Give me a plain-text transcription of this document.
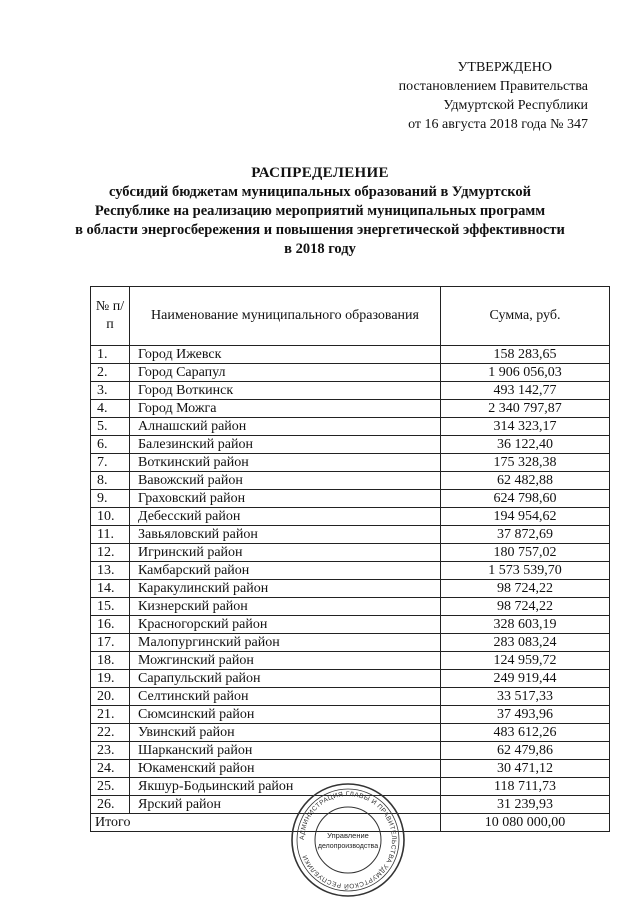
УТВЕРЖДЕНО
постановлением Правительства
Удмуртской Республики
от 16 августа 2018 года № 347
РАСПРЕДЕЛЕНИЕ
субсидий бюджетам муниципальных образований в Удмуртской
Республике на реализацию мероприятий муниципальных программ
в области энергосбережения и повышения энергетической эффективности
в 2018 году
№ п/п	Наименование муниципального образования	Сумма, руб.
1.	Город Ижевск	158 283,65
2.	Город Сарапул	1 906 056,03
3.	Город Воткинск	493 142,77
4.	Город Можга	2 340 797,87
5.	Алнашский район	314 323,17
6.	Балезинский район	36 122,40
7.	Воткинский район	175 328,38
8.	Вавожский район	62 482,88
9.	Граховский район	624 798,60
10.	Дебесский район	194 954,62
11.	Завьяловский район	37 872,69
12.	Игринский район	180 757,02
13.	Камбарский район	1 573 539,70
14.	Каракулинский район	98 724,22
15.	Кизнерский район	98 724,22
16.	Красногорский район	328 603,19
17.	Малопургинский район	283 083,24
18.	Можгинский район	124 959,72
19.	Сарапульский район	249 919,44
20.	Селтинский район	33 517,33
21.	Сюмсинский район	37 493,96
22.	Увинский район	483 612,26
23.	Шарканский район	62 479,86
24.	Юкаменский район	30 471,12
25.	Якшур-Бодьинский район	118 711,73
26.	Ярский район	31 239,93
Итого		10 080 000,00
АДМИНИСТРАЦИЯ ГЛАВЫ И ПРАВИТЕЛЬСТВА УДМУРТСКОЙ РЕСПУБЛИКИ
Управление
делопроизводства
